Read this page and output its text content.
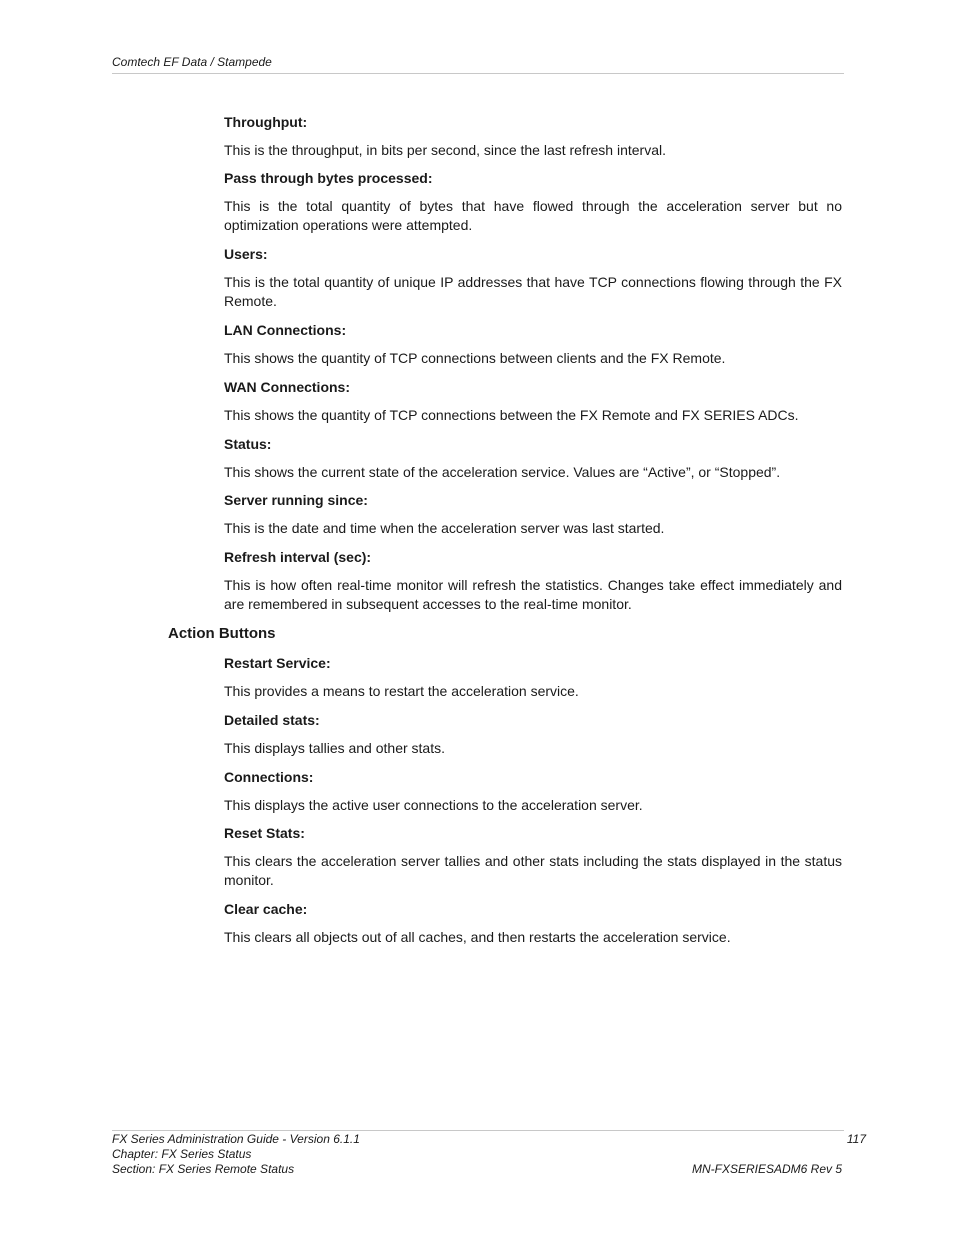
Comtech EF Data / Stampede

Throughput:

This is the throughput, in bits per second, since the last refresh interval.

Pass through bytes processed:

This is the total quantity of bytes that have flowed through the acceleration server but no optimization operations were attempted.

Users:

This is the total quantity of unique IP addresses that have TCP connections flowing through the FX Remote.

LAN Connections:

This shows the quantity of TCP connections between clients and the FX Remote.

WAN Connections:

This shows the quantity of TCP connections between the FX Remote and FX SERIES ADCs.

Status:

This shows the current state of the acceleration service. Values are “Active”, or “Stopped”.

Server running since:

This is the date and time when the acceleration server was last started.

Refresh interval (sec):

This is how often real-time monitor will refresh the statistics. Changes take effect immediately and are remembered in subsequent accesses to the real-time monitor.

Action Buttons

Restart Service:

This provides a means to restart the acceleration service.

Detailed stats:

This displays tallies and other stats.

Connections:

This displays the active user connections to the acceleration server.

Reset Stats:

This clears the acceleration server tallies and other stats including the stats displayed in the status monitor.

Clear cache:

This clears all objects out of all caches, and then restarts the acceleration service.

FX Series Administration Guide - Version 6.1.1	117
Chapter: FX Series Status
Section: FX Series Remote Status	MN-FXSERIESADM6 Rev 5
